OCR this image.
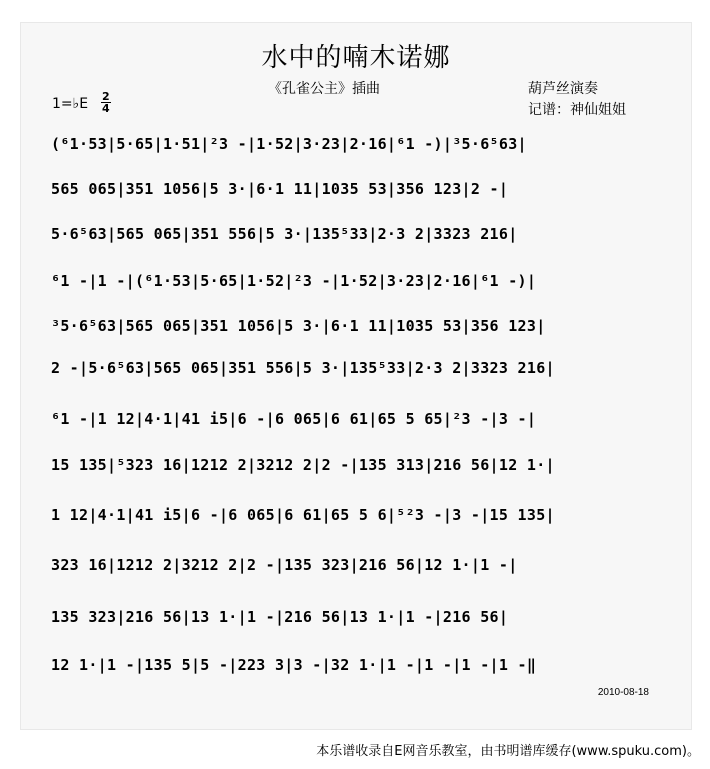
水中的喃木诺娜
《孔雀公主》插曲	葫芦丝演奏
记谱：神仙姐姐
1=♭E $\frac{2}{4}$
(⁶1·53|5·65|1·51|²3 -|1·52|3·23|2·16|⁶1 -)|³5·6⁵63|
565 065|351 1056|5 3·|6·1 11|1035 53|356 123|2 -|
5·6⁵63|565 065|351 556|5 3·|135⁵33|2·3 2|3323 216|
⁶1 -|1 -|(⁶1·53|5·65|1·52|²3 -|1·52|3·23|2·16|⁶1 -)|
³5·6⁵63|565 065|351 1056|5 3·|6·1 11|1035 53|356 123|
2 -|5·6⁵63|565 065|351 556|5 3·|135⁵33|2·3 2|3323 216|
⁶1 -|1 12|4·1|41 i5|6 -|6 065|6 61|65 5 65|²3 -|3 -|
15 135|⁵323 16|1212 2|3212 2|2 -|135 313|216 56|12 1·|
1 12|4·1|41 i5|6 -|6 065|6 61|65 5 6|⁵²3 -|3 -|15 135|
323 16|1212 2|3212 2|2 -|135 323|216 56|12 1·|1 -|
135 323|216 56|13 1·|1 -|216 56|13 1·|1 -|216 56|
12 1·|1 -|135 5|5 -|223 3|3 -|32 1·|1 -|1 -|1 -|1 -‖
2010-08-18
本乐谱收录自E网音乐教室，由书明谱库缓存(www.spuku.com)。
